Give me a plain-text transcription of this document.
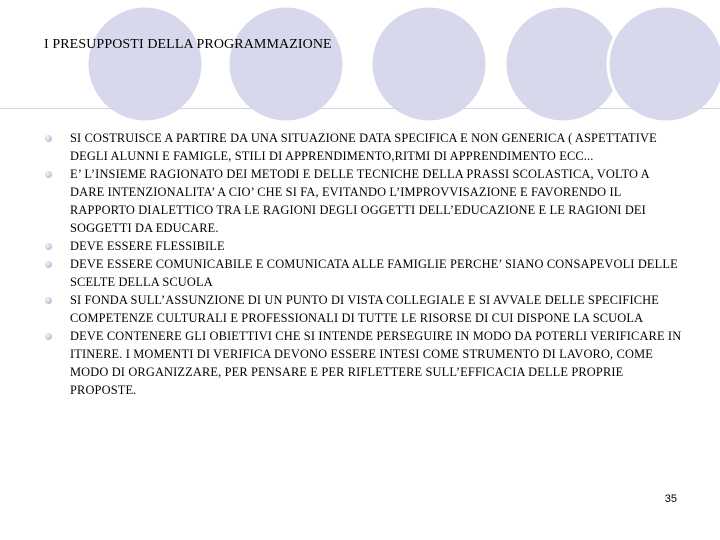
I PRESUPPOSTI DELLA PROGRAMMAZIONE
SI COSTRUISCE A PARTIRE DA UNA SITUAZIONE DATA SPECIFICA E NON GENERICA ( ASPETTATIVE DEGLI ALUNNI E FAMIGLE, STILI DI APPRENDIMENTO,RITMI DI APPRENDIMENTO ECC...
E’ L’INSIEME RAGIONATO DEI METODI E DELLE TECNICHE DELLA PRASSI SCOLASTICA, VOLTO A DARE INTENZIONALITA’ A CIO’ CHE SI FA, EVITANDO L’IMPROVVISAZIONE E FAVORENDO IL RAPPORTO DIALETTICO TRA LE RAGIONI DEGLI OGGETTI DELL’EDUCAZIONE E LE RAGIONI DEI SOGGETTI DA EDUCARE.
DEVE ESSERE FLESSIBILE
DEVE ESSERE COMUNICABILE E COMUNICATA ALLE FAMIGLIE PERCHE’ SIANO CONSAPEVOLI DELLE SCELTE DELLA SCUOLA
SI FONDA SULL’ASSUNZIONE DI UN PUNTO DI VISTA COLLEGIALE E SI AVVALE DELLE SPECIFICHE COMPETENZE CULTURALI E PROFESSIONALI DI TUTTE LE RISORSE DI CUI DISPONE LA SCUOLA
DEVE CONTENERE GLI OBIETTIVI CHE SI INTENDE PERSEGUIRE IN MODO DA POTERLI VERIFICARE IN ITINERE. I MOMENTI DI VERIFICA DEVONO ESSERE INTESI COME STRUMENTO DI LAVORO, COME MODO DI ORGANIZZARE, PER PENSARE E PER RIFLETTERE SULL’EFFICACIA DELLE PROPRIE PROPOSTE.
35
